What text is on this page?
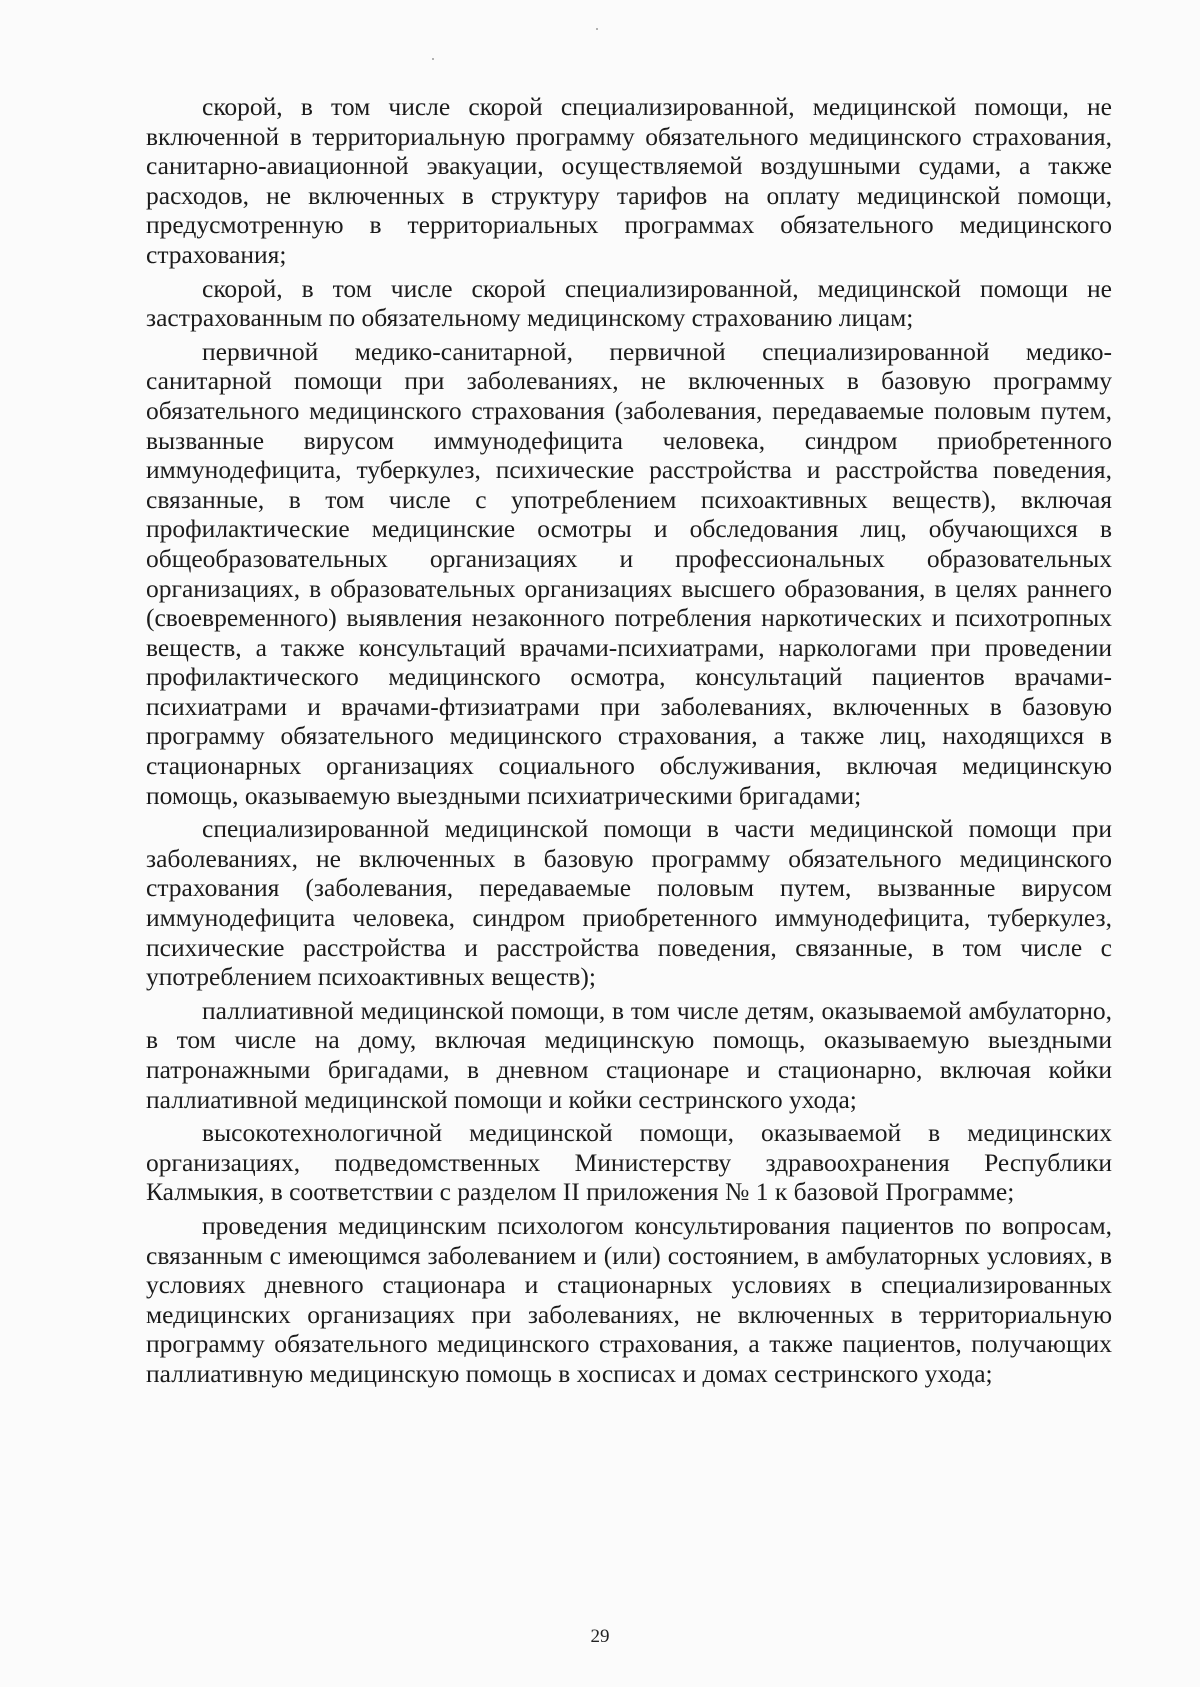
скорой, в том числе скорой специализированной, медицинской помощи, не включенной в территориальную программу обязательного медицинского страхования, санитарно-авиационной эвакуации, осуществляемой воздушными судами, а также расходов, не включенных в структуру тарифов на оплату медицинской помощи, предусмотренную в территориальных программах обязательного медицинского страхования;

скорой, в том числе скорой специализированной, медицинской помощи не застрахованным по обязательному медицинскому страхованию лицам;

первичной медико-санитарной, первичной специализированной медико-санитарной помощи при заболеваниях, не включенных в базовую программу обязательного медицинского страхования (заболевания, передаваемые половым путем, вызванные вирусом иммунодефицита человека, синдром приобретенного иммунодефицита, туберкулез, психические расстройства и расстройства поведения, связанные, в том числе с употреблением психоактивных веществ), включая профилактические медицинские осмотры и обследования лиц, обучающихся в общеобразовательных организациях и профессиональных образовательных организациях, в образовательных организациях высшего образования, в целях раннего (своевременного) выявления незаконного потребления наркотических и психотропных веществ, а также консультаций врачами-психиатрами, наркологами при проведении профилактического медицинского осмотра, консультаций пациентов врачами-психиатрами и врачами-фтизиатрами при заболеваниях, включенных в базовую программу обязательного медицинского страхования, а также лиц, находящихся в стационарных организациях социального обслуживания, включая медицинскую помощь, оказываемую выездными психиатрическими бригадами;

специализированной медицинской помощи в части медицинской помощи при заболеваниях, не включенных в базовую программу обязательного медицинского страхования (заболевания, передаваемые половым путем, вызванные вирусом иммунодефицита человека, синдром приобретенного иммунодефицита, туберкулез, психические расстройства и расстройства поведения, связанные, в том числе с употреблением психоактивных веществ);

паллиативной медицинской помощи, в том числе детям, оказываемой амбулаторно, в том числе на дому, включая медицинскую помощь, оказываемую выездными патронажными бригадами, в дневном стационаре и стационарно, включая койки паллиативной медицинской помощи и койки сестринского ухода;

высокотехнологичной медицинской помощи, оказываемой в медицинских организациях, подведомственных Министерству здравоохранения Республики Калмыкия, в соответствии с разделом II приложения № 1 к базовой Программе;

проведения медицинским психологом консультирования пациентов по вопросам, связанным с имеющимся заболеванием и (или) состоянием, в амбулаторных условиях, в условиях дневного стационара и стационарных условиях в специализированных медицинских организациях при заболеваниях, не включенных в территориальную программу обязательного медицинского страхования, а также пациентов, получающих паллиативную медицинскую помощь в хосписах и домах сестринского ухода;

29
